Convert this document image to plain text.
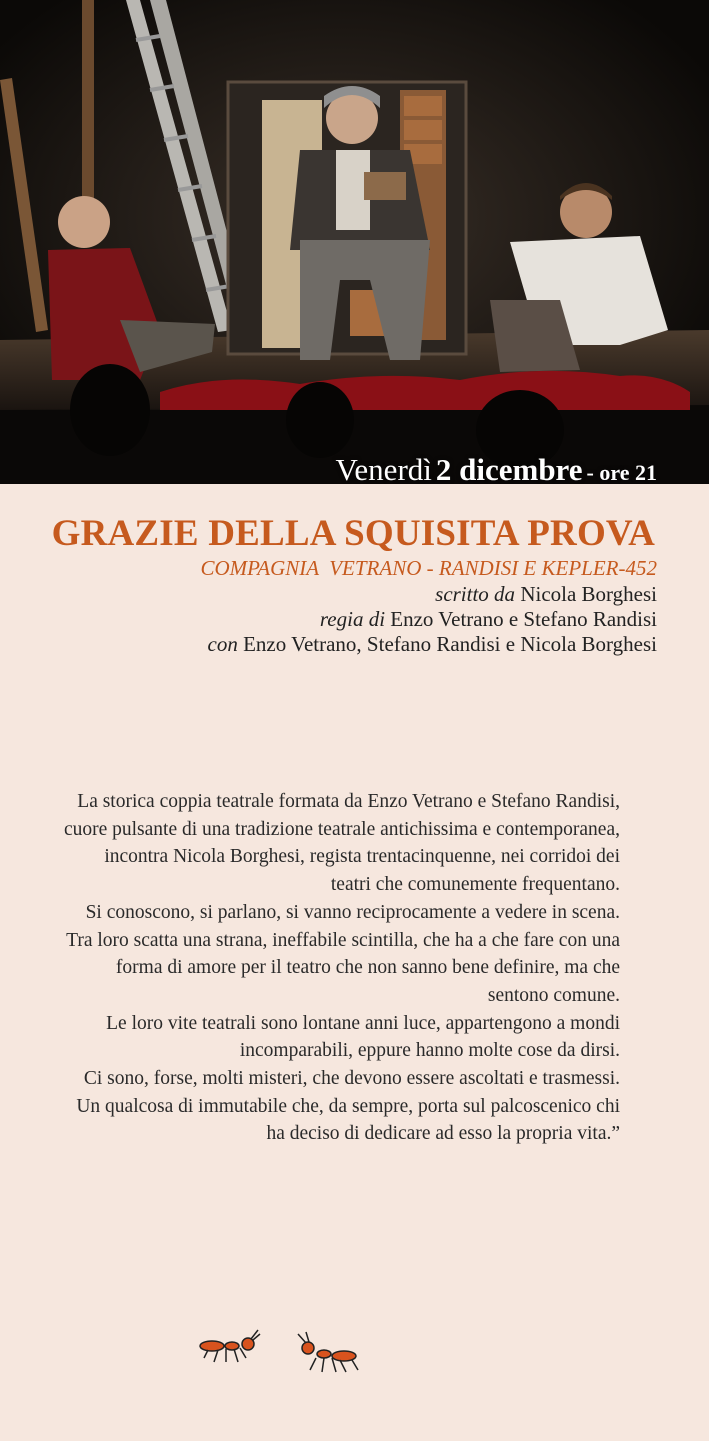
Venerdì 2 dicembre - ore 21
GRAZIE DELLA SQUISITA PROVA
COMPAGNIA  VETRANO - RANDISI E KEPLER-452
scritto da Nicola Borghesi
regia di Enzo Vetrano e Stefano Randisi
con Enzo Vetrano, Stefano Randisi e Nicola Borghesi

La storica coppia teatrale formata da Enzo Vetrano e Stefano Randisi, cuore pulsante di una tradizione teatrale antichissima e contemporanea, incontra Nicola Borghesi, regista trentacinquenne, nei corridoi dei teatri che comunemente frequentano.

Si conoscono, si parlano, si vanno reciprocamente a vedere in scena.

Tra loro scatta una strana, ineffabile scintilla, che ha a che fare con una forma di amore per il teatro che non sanno bene definire, ma che sentono comune.

Le loro vite teatrali sono lontane anni luce, appartengono a mondi incomparabili, eppure hanno molte cose da dirsi.

Ci sono, forse, molti misteri, che devono essere ascoltati e trasmessi.

Un qualcosa di immutabile che, da sempre, porta sul palcoscenico chi ha deciso di dedicare ad esso la propria vita.”
